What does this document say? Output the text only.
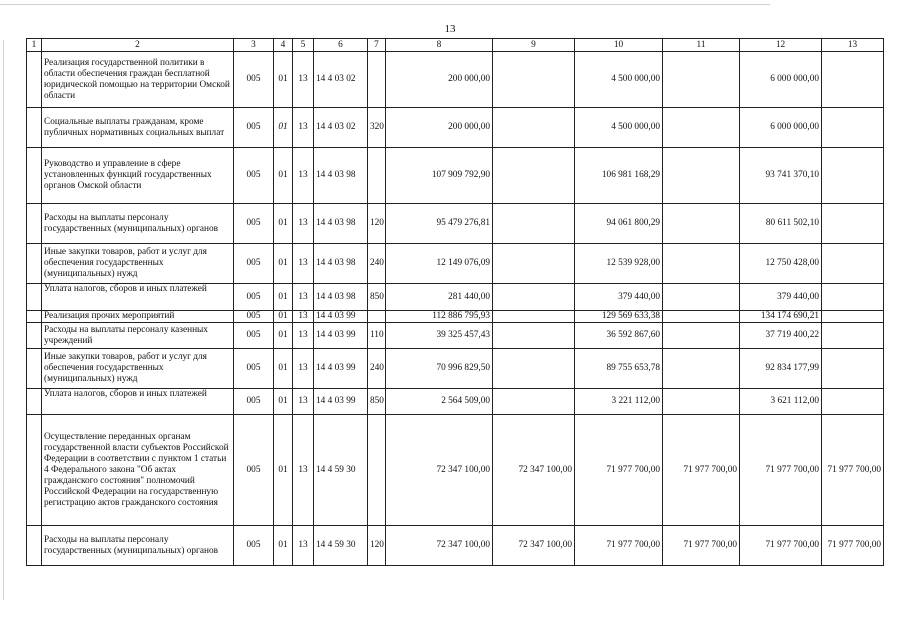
13
1	2	3	4	5	6	7	8	9	10	11	12	13
	Реализация государственной политики в области обеспечения граждан бесплатной юридической помощью на территории Омской области	005	01	13	14 4 03 02		200 000,00		4 500 000,00		6 000 000,00	
	Социальные выплаты гражданам, кроме публичных нормативных социальных выплат	005	01	13	14 4 03 02	320	200 000,00		4 500 000,00		6 000 000,00	
	Руководство и управление в сфере установленных функций государственных органов Омской области	005	01	13	14 4 03 98		107 909 792,90		106 981 168,29		93 741 370,10	
	Расходы на выплаты персоналу государственных (муниципальных) органов	005	01	13	14 4 03 98	120	95 479 276,81		94 061 800,29		80 611 502,10	
	Иные закупки товаров, работ и услуг для обеспечения государственных (муниципальных) нужд	005	01	13	14 4 03 98	240	12 149 076,09		12 539 928,00		12 750 428,00	
	Уплата налогов, сборов и иных платежей	005	01	13	14 4 03 98	850	281 440,00		379 440,00		379 440,00	
	Реализация прочих мероприятий	005	01	13	14 4 03 99		112 886 795,93		129 569 633,38		134 174 690,21	
	Расходы на выплаты персоналу казенных учреждений	005	01	13	14 4 03 99	110	39 325 457,43		36 592 867,60		37 719 400,22	
	Иные закупки товаров, работ и услуг для обеспечения государственных (муниципальных) нужд	005	01	13	14 4 03 99	240	70 996 829,50		89 755 653,78		92 834 177,99	
	Уплата налогов, сборов и иных платежей	005	01	13	14 4 03 99	850	2 564 509,00		3 221 112,00		3 621 112,00	
	Осуществление переданных органам государственной власти субъектов Российской Федерации в соответствии с пунктом 1 статьи 4 Федерального закона "Об актах гражданского состояния" полномочий Российской Федерации на государственную регистрацию актов гражданского состояния	005	01	13	14 4 59 30		72 347 100,00	72 347 100,00	71 977 700,00	71 977 700,00	71 977 700,00	71 977 700,00
	Расходы на выплаты персоналу государственных (муниципальных) органов	005	01	13	14 4 59 30	120	72 347 100,00	72 347 100,00	71 977 700,00	71 977 700,00	71 977 700,00	71 977 700,00
